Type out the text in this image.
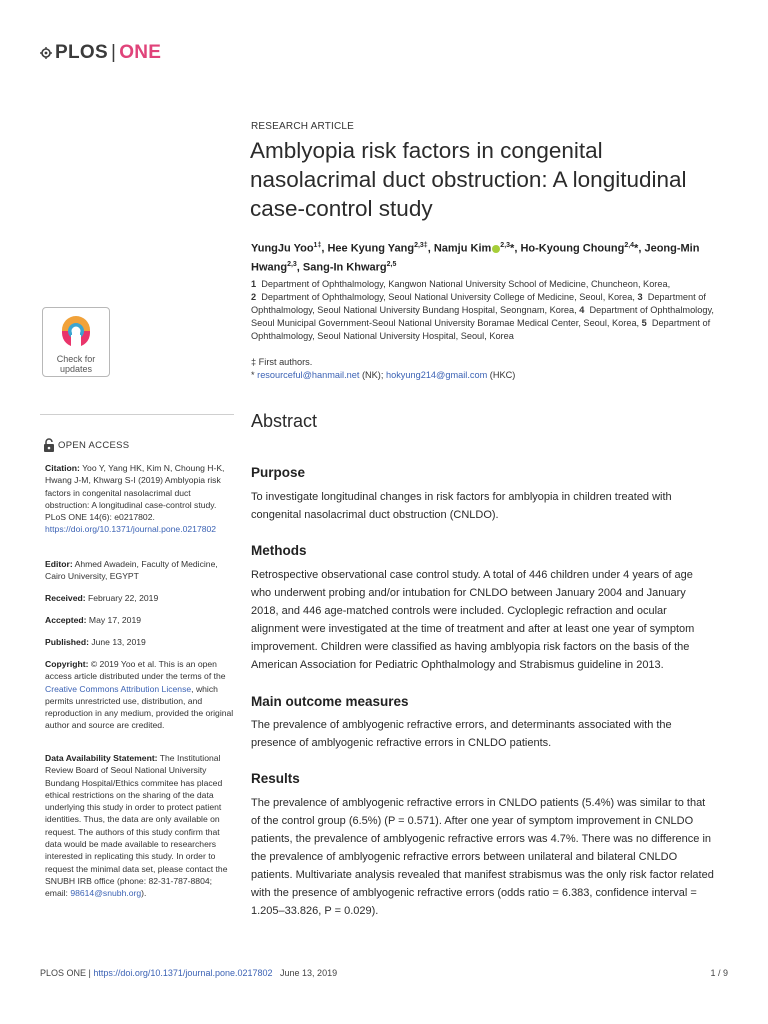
PLOS | ONE
RESEARCH ARTICLE
Amblyopia risk factors in congenital nasolacrimal duct obstruction: A longitudinal case-control study
YungJu Yoo$^{1\ddagger}$, Hee Kyung Yang$^{2,3\ddagger}$, Namju Kim $^{2,3}$*, Ho-Kyoung Choung$^{2,4}$*, Jeong-Min Hwang$^{2,3}$, Sang-In Khwarg$^{2,5}$
1 Department of Ophthalmology, Kangwon National University School of Medicine, Chuncheon, Korea,
2 Department of Ophthalmology, Seoul National University College of Medicine, Seoul, Korea, 3 Department of Ophthalmology, Seoul National University Bundang Hospital, Seongnam, Korea, 4 Department of Ophthalmology, Seoul Municipal Government-Seoul National University Boramae Medical Center, Seoul, Korea, 5 Department of Ophthalmology, Seoul National University Hospital, Seoul, Korea
‡ First authors.
* resourceful@hanmail.net (NK); hokyung214@gmail.com (HKC)
Check for
updates
OPEN ACCESS
Citation: Yoo Y, Yang HK, Kim N, Choung H-K, Hwang J-M, Khwarg S-I (2019) Amblyopia risk factors in congenital nasolacrimal duct obstruction: A longitudinal case-control study. PLoS ONE 14(6): e0217802. https://doi.org/10.1371/journal.pone.0217802
Editor: Ahmed Awadein, Faculty of Medicine, Cairo University, EGYPT
Received: February 22, 2019
Accepted: May 17, 2019
Published: June 13, 2019
Copyright: © 2019 Yoo et al. This is an open access article distributed under the terms of the Creative Commons Attribution License, which permits unrestricted use, distribution, and reproduction in any medium, provided the original author and source are credited.
Data Availability Statement: The Institutional Review Board of Seoul National University Bundang Hospital/Ethics commitee has placed ethical restrictions on the sharing of the data underlying this study in order to protect patient identities. Thus, the data are only available on request. The authors of this study confirm that data would be made available to researchers interested in replicating this study. In order to request the minimal data set, please contact the SNUBH IRB office (phone: 82-31-787-8804; email: 98614@snubh.org).
Abstract
Purpose
To investigate longitudinal changes in risk factors for amblyopia in children treated with congenital nasolacrimal duct obstruction (CNLDO).
Methods
Retrospective observational case control study. A total of 446 children under 4 years of age who underwent probing and/or intubation for CNLDO between January 2004 and January 2018, and 446 age-matched controls were included. Cycloplegic refraction and ocular alignment were investigated at the time of treatment and after at least one year of symptom improvement. Children were classified as having amblyopia risk factors on the basis of the American Association for Pediatric Ophthalmology and Strabismus guideline in 2013.
Main outcome measures
The prevalence of amblyogenic refractive errors, and determinants associated with the presence of amblyogenic refractive errors in CNLDO patients.
Results
The prevalence of amblyogenic refractive errors in CNLDO patients (5.4%) was similar to that of the control group (6.5%) (P = 0.571). After one year of symptom improvement in CNLDO patients, the prevalence of amblyogenic refractive errors was 4.7%. There was no difference in the prevalence of amblyogenic refractive errors between unilateral and bilateral CNLDO patients. Multivariate analysis revealed that manifest strabismus was the only risk factor related with the presence of amblyogenic refractive errors (odds ratio = 6.383, confidence interval = 1.205–33.826, P = 0.029).
PLOS ONE | https://doi.org/10.1371/journal.pone.0217802 June 13, 2019	1 / 9
